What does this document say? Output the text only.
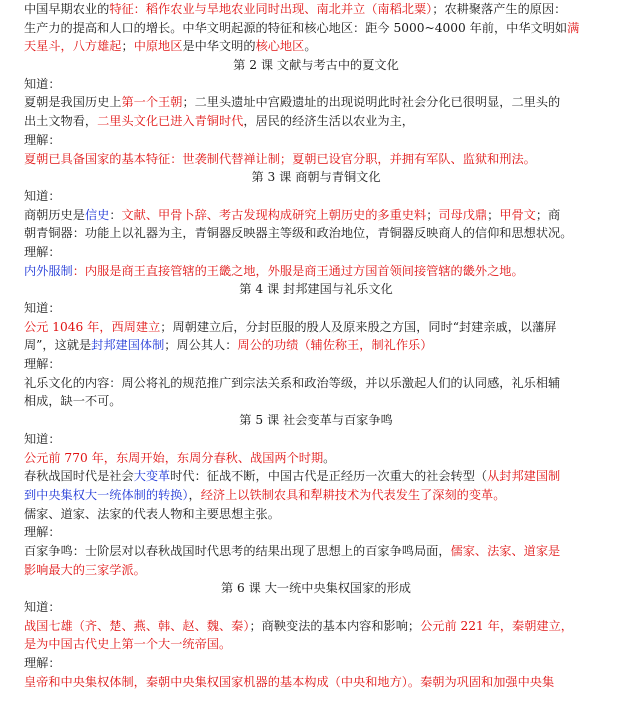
中国早期农业的特征：稻作农业与旱地农业同时出现、南北并立（南稻北粟）；农耕聚落产生的原因：
生产力的提高和人口的增长。中华文明起源的特征和核心地区：距今 5000~4000 年前，中华文明如满
天星斗，八方雄起；中原地区是中华文明的核心地区。
第 2 课 文献与考古中的夏文化
知道：
夏朝是我国历史上第一个王朝；二里头遗址中宫殿遗址的出现说明此时社会分化已很明显，二里头的
出土文物看，二里头文化已进入青铜时代，居民的经济生活以农业为主，
理解：
夏朝已具备国家的基本特征：世袭制代替禅让制；夏朝已设官分职，并拥有军队、监狱和刑法。
第 3 课 商朝与青铜文化
知道：
商朝历史是信史：文献、甲骨卜辞、考古发现构成研究上朝历史的多重史料；司母戊鼎；甲骨文；商
朝青铜器：功能上以礼器为主，青铜器反映器主等级和政治地位，青铜器反映商人的信仰和思想状况。
理解：
内外服制：内服是商王直接管辖的王畿之地，外服是商王通过方国首领间接管辖的畿外之地。
第 4 课 封邦建国与礼乐文化
知道：
公元 1046 年，西周建立；周朝建立后，分封臣服的殷人及原来殷之方国，同时“封建亲戚，以藩屏
周”，这就是封邦建国体制；周公其人：周公的功绩（辅佐称王，制礼作乐）
理解：
礼乐文化的内容：周公将礼的规范推广到宗法关系和政治等级，并以乐激起人们的认同感，礼乐相辅
相成，缺一不可。
第 5 课 社会变革与百家争鸣
知道：
公元前 770 年，东周开始，东周分春秋、战国两个时期。
春秋战国时代是社会大变革时代：征战不断，中国古代是正经历一次重大的社会转型（从封邦建国制
到中央集权大一统体制的转换），经济上以铁制农具和犁耕技术为代表发生了深刻的变革。
儒家、道家、法家的代表人物和主要思想主张。
理解：
百家争鸣：士阶层对以春秋战国时代思考的结果出现了思想上的百家争鸣局面，儒家、法家、道家是
影响最大的三家学派。
第 6 课 大一统中央集权国家的形成
知道：
战国七雄（齐、楚、燕、韩、赵、魏、秦）；商鞅变法的基本内容和影响；公元前 221 年，秦朝建立，
是为中国古代史上第一个大一统帝国。
理解：
皇帝和中央集权体制，秦朝中央集权国家机器的基本构成（中央和地方）。秦朝为巩固和加强中央集
